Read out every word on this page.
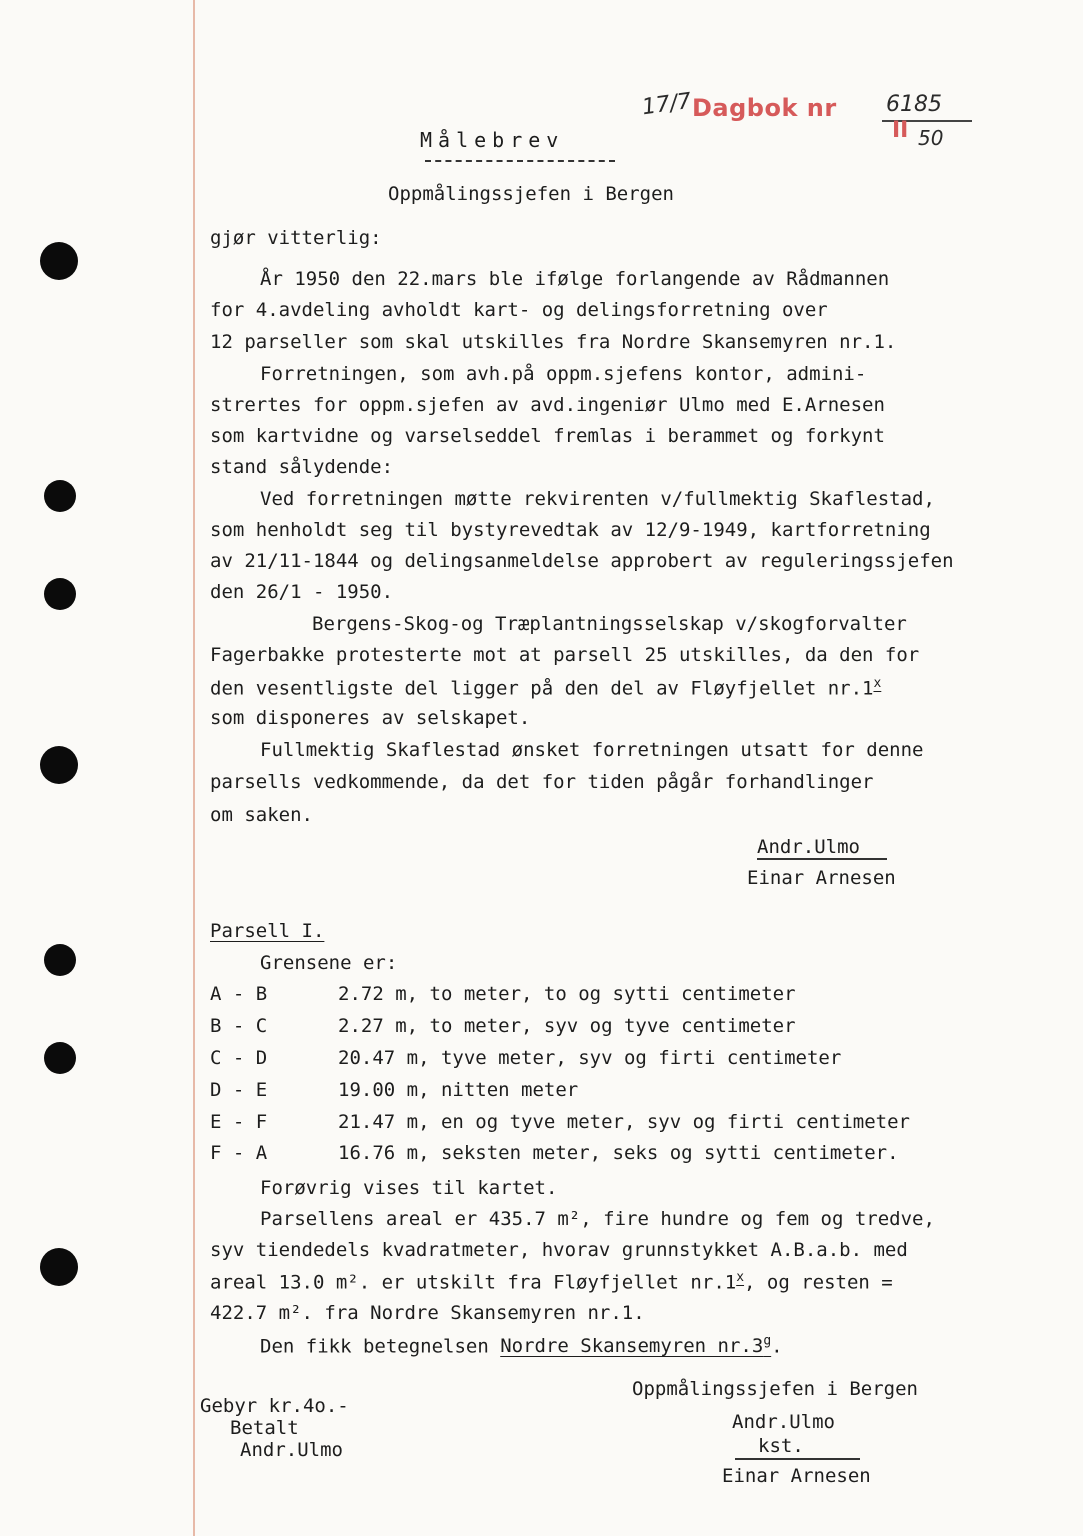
17/7 Dagbok nr 6185
II 50
Målebrev
Oppmålingssjefen i Bergen
gjør vitterlig:
År 1950 den 22.mars ble ifølge forlangende av Rådmannen
for 4.avdeling avholdt kart- og delingsforretning over
12 parseller som skal utskilles fra Nordre Skansemyren nr.1.
Forretningen, som avh.på oppm.sjefens kontor, admini-
strertes for oppm.sjefen av avd.ingeniør Ulmo med E.Arnesen
som kartvidne og varselseddel fremlas i berammet og forkynt
stand sålydende:
Ved forretningen møtte rekvirenten v/fullmektig Skaflestad,
som henholdt seg til bystyrevedtak av 12/9-1949, kartforretning
av 21/11-1844 og delingsanmeldelse approbert av reguleringssjefen
den 26/1 - 1950.
Bergens-Skog-og Træplantningsselskap v/skogforvalter
Fagerbakke protesterte mot at parsell 25 utskilles, da den for
den vesentligste del ligger på den del av Fløyfjellet nr.1$^x$
som disponeres av selskapet.
Fullmektig Skaflestad ønsket forretningen utsatt for denne
parsells vedkommende, da det for tiden pågår forhandlinger
om saken.
Andr.Ulmo
Einar Arnesen
Parsell I.
Grensene er:
A - B	2.72 m, to meter, to og sytti centimeter
B - C	2.27 m, to meter, syv og tyve centimeter
C - D	20.47 m, tyve meter, syv og firti centimeter
D - E	19.00 m, nitten meter
E - F	21.47 m, en og tyve meter, syv og firti centimeter
F - A	16.76 m, seksten meter, seks og sytti centimeter.
Forøvrig vises til kartet.
Parsellens areal er 435.7 m², fire hundre og fem og tredve,
syv tiendedels kvadratmeter, hvorav grunnstykket A.B.a.b. med
areal 13.0 m². er utskilt fra Fløyfjellet nr.1$^x$, og resten =
422.7 m². fra Nordre Skansemyren nr.1.
Den fikk betegnelsen Nordre Skansemyren nr.3$^g$.
Gebyr kr.4o.-
Betalt
Andr.Ulmo
Oppmålingssjefen i Bergen
Andr.Ulmo
kst.
Einar Arnesen
